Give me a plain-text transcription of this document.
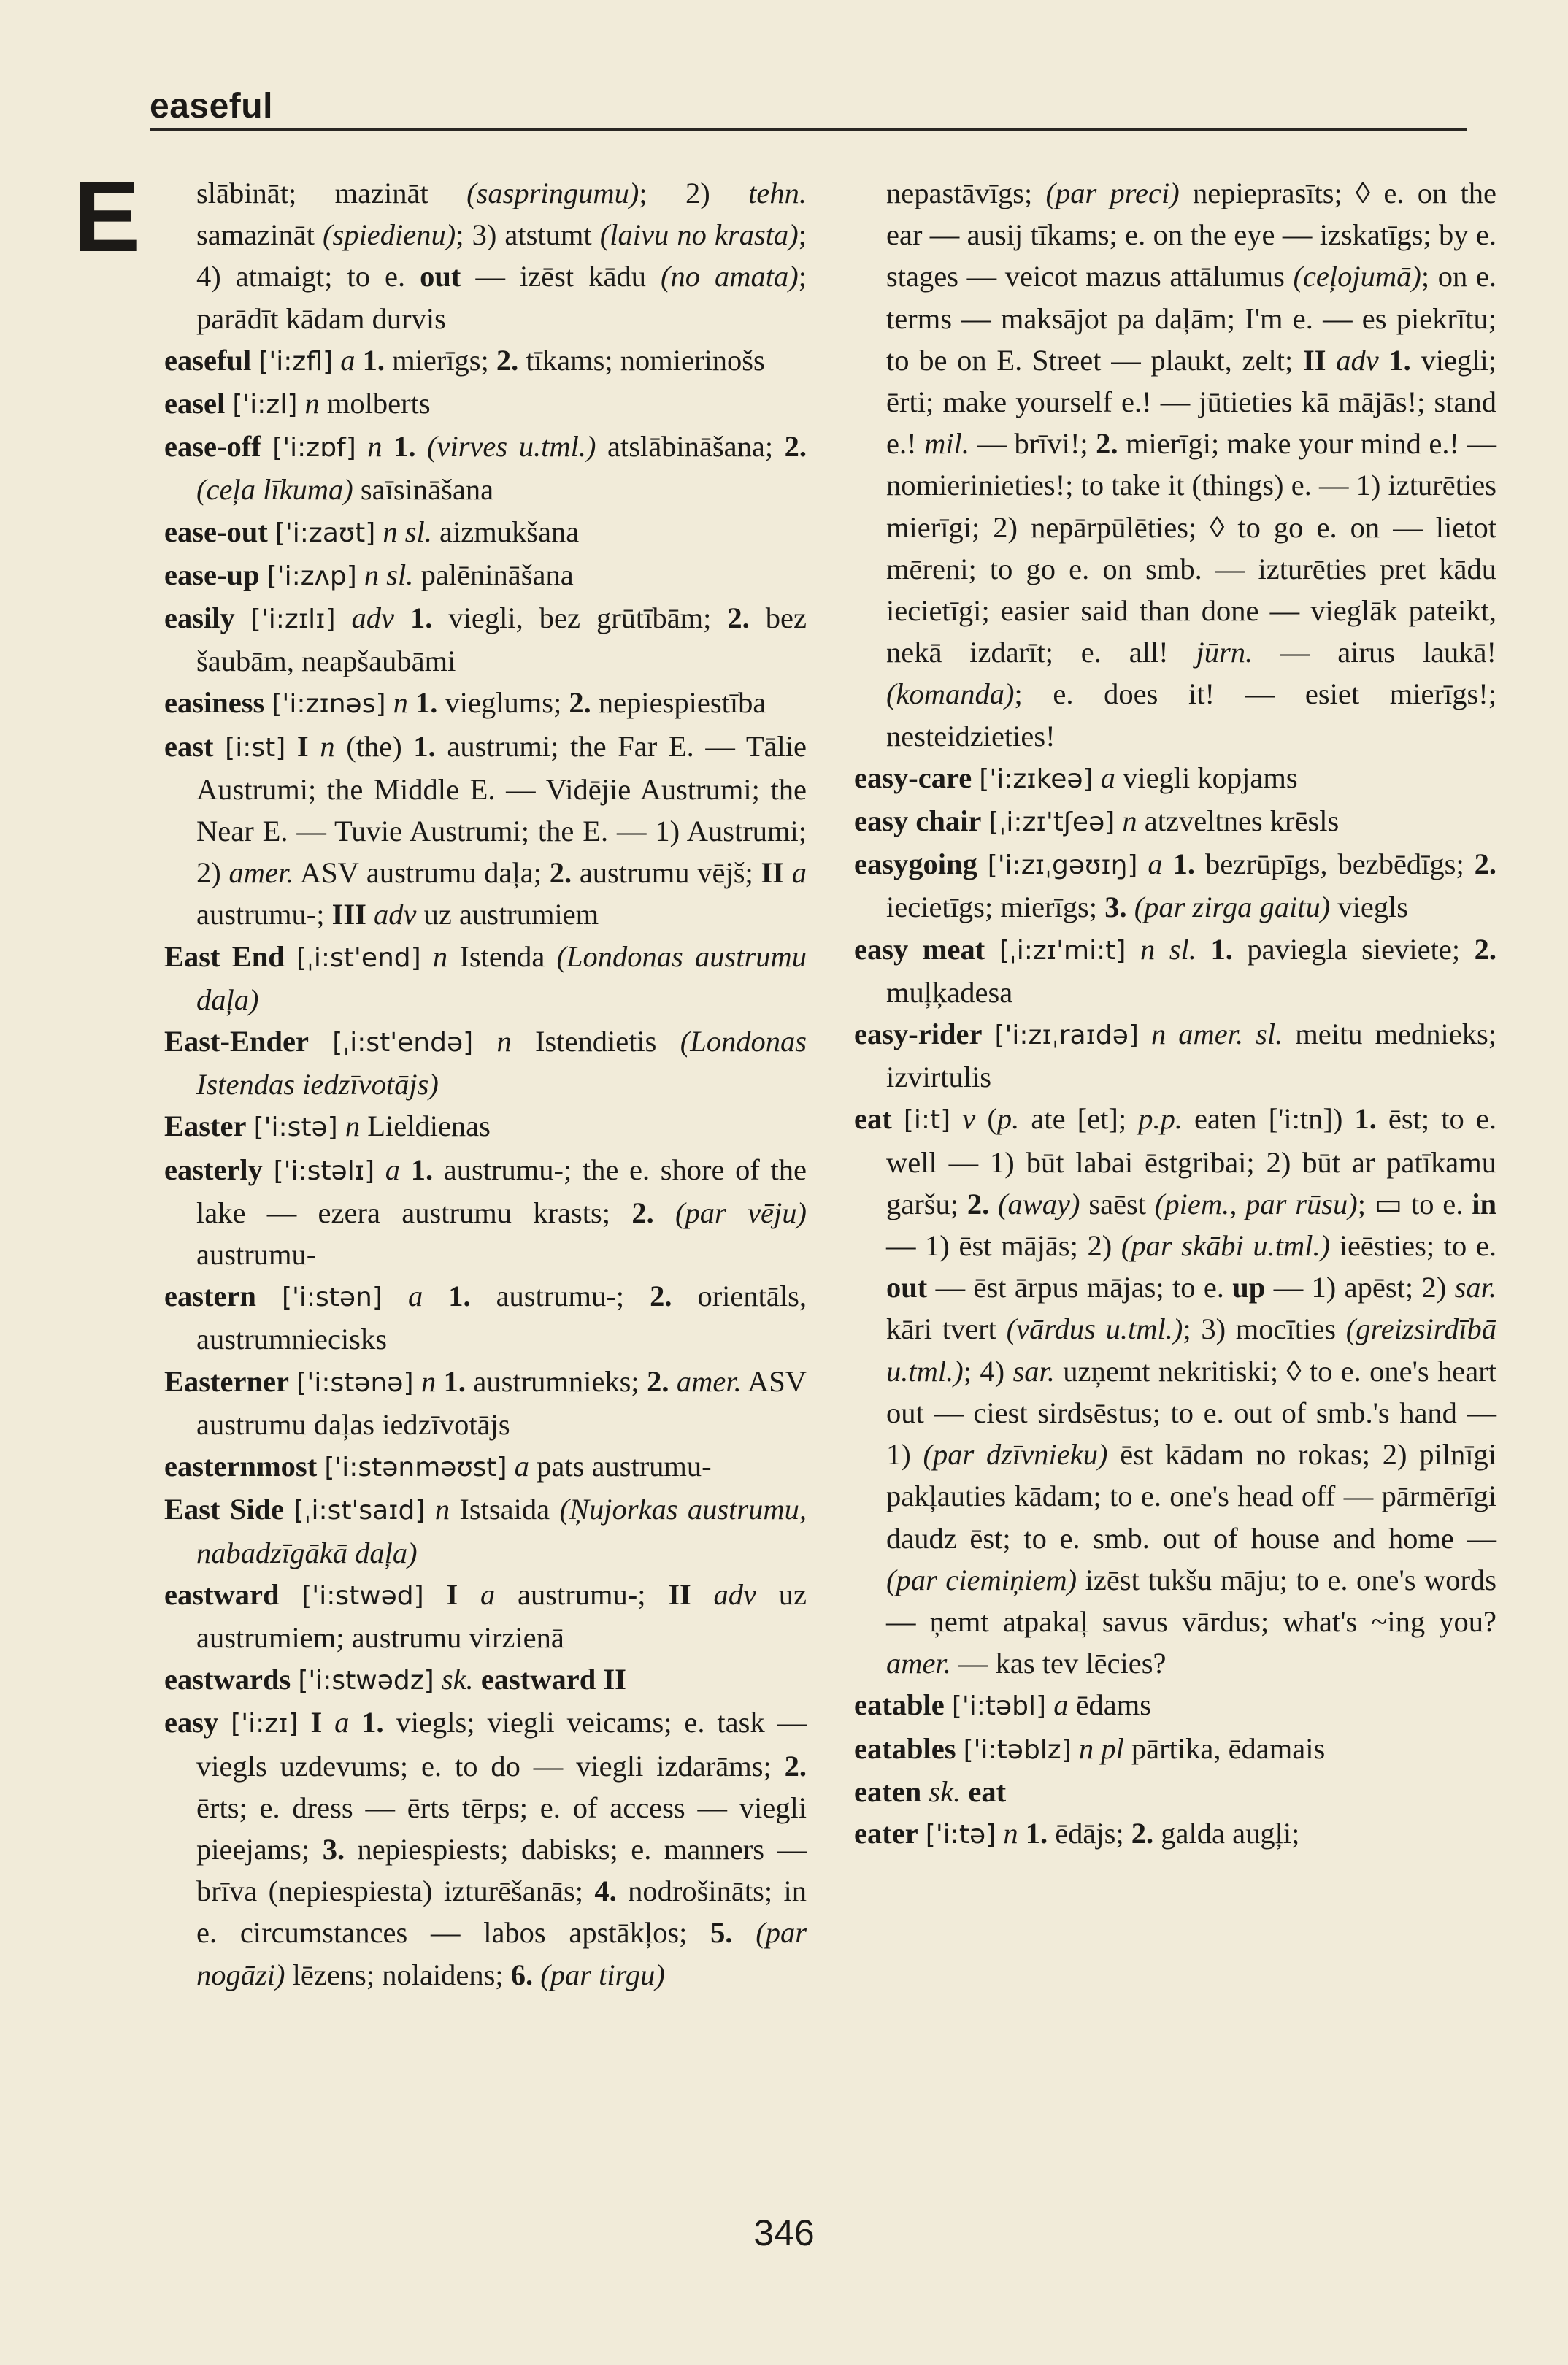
easeful
E	slābināt; mazināt (saspringumu); 2) tehn. samazināt (spiedienu); 3) atstumt (laivu no krasta); 4) atmaigt; to e. out — izēst kādu (no amata); parādīt kādam durvis

easeful ['i:zfl] a 1. mierīgs; 2. tīkams; nomierinošs

easel ['i:zl] n molberts

ease-off ['i:zɒf] n 1. (virves u.tml.) atslābināšana; 2. (ceļa līkuma) saīsināšana

ease-out ['i:zaʊt] n sl. aizmukšana

ease-up ['i:zʌp] n sl. palēnināšana

easily ['i:zɪlɪ] adv 1. viegli, bez grūtībām; 2. bez šaubām, neapšaubāmi

easiness ['i:zɪnəs] n 1. vieglums; 2. nepiespiestība

east [i:st] I n (the) 1. austrumi; the Far E. — Tālie Austrumi; the Middle E. — Vidējie Austrumi; the Near E. — Tuvie Austrumi; the E. — 1) Austrumi; 2) amer. ASV austrumu daļa; 2. austrumu vējš; II a austrumu-; III adv uz austrumiem

East End [ˌi:st'end] n Istenda (Londonas austrumu daļa)

East-Ender [ˌi:st'endə] n Istendietis (Londonas Istendas iedzīvotājs)

Easter ['i:stə] n Lieldienas

easterly ['i:stəlɪ] a 1. austrumu-; the e. shore of the lake — ezera austrumu krasts; 2. (par vēju) austrumu-

eastern ['i:stən] a 1. austrumu-; 2. orientāls, austrumniecisks

Easterner ['i:stənə] n 1. austrumnieks; 2. amer. ASV austrumu daļas iedzīvotājs

easternmost ['i:stənməʊst] a pats austrumu-

East Side [ˌi:st'saɪd] n Istsaida (Ņujorkas austrumu, nabadzīgākā daļa)

eastward ['i:stwəd] I a austrumu-; II adv uz austrumiem; austrumu virzienā

eastwards ['i:stwədz] sk. eastward II

easy ['i:zɪ] I a 1. viegls; viegli veicams; e. task — viegls uzdevums; e. to do — viegli izdarāms; 2. ērts; e. dress — ērts tērps; e. of access — viegli pieejams; 3. nepiespiests; dabisks; e. manners — brīva (nepiespiesta) izturēšanās; 4. nodrošināts; in e. circumstances — labos apstākļos; 5. (par nogāzi) lēzens; nolaidens; 6. (par tirgu)

nepastāvīgs; (par preci) nepieprasīts; ◊ e. on the ear — ausij tīkams; e. on the eye — izskatīgs; by e. stages — veicot mazus attālumus (ceļojumā); on e. terms — maksājot pa daļām; I'm e. — es piekrītu; to be on E. Street — plaukt, zelt; II adv 1. viegli; ērti; make yourself e.! — jūtieties kā mājās!; stand e.! mil. — brīvi!; 2. mierīgi; make your mind e.! — nomierinieties!; to take it (things) e. — 1) izturēties mierīgi; 2) nepārpūlēties; ◊ to go e. on — lietot mēreni; to go e. on smb. — izturēties pret kādu iecietīgi; easier said than done — vieglāk pateikt, nekā izdarīt; e. all! jūrn. — airus laukā! (komanda); e. does it! — esiet mierīgs!; nesteidzieties!

easy-care ['i:zɪkeə] a viegli kopjams

easy chair [ˌi:zɪ'tʃeə] n atzveltnes krēsls

easygoing ['i:zɪˌgəʊɪŋ] a 1. bezrūpīgs, bezbēdīgs; 2. iecietīgs; mierīgs; 3. (par zirga gaitu) viegls

easy meat [ˌi:zɪ'mi:t] n sl. 1. paviegla sieviete; 2. muļķadesa

easy-rider ['i:zɪˌraɪdə] n amer. sl. meitu mednieks; izvirtulis

eat [i:t] v (p. ate [et]; p.p. eaten ['i:tn]) 1. ēst; to e. well — 1) būt labai ēstgribai; 2) būt ar patīkamu garšu; 2. (away) saēst (piem., par rūsu); ▭ to e. in — 1) ēst mājās; 2) (par skābi u.tml.) ieēsties; to e. out — ēst ārpus mājas; to e. up — 1) apēst; 2) sar. kāri tvert (vārdus u.tml.); 3) mocīties (greizsirdībā u.tml.); 4) sar. uzņemt nekritiski; ◊ to e. one's heart out — ciest sirdsēstus; to e. out of smb.'s hand — 1) (par dzīvnieku) ēst kādam no rokas; 2) pilnīgi pakļauties kādam; to e. one's head off — pārmērīgi daudz ēst; to e. smb. out of house and home — (par ciemiņiem) izēst tukšu māju; to e. one's words — ņemt atpakaļ savus vārdus; what's ~ing you? amer. — kas tev lēcies?

eatable ['i:təbl] a ēdams

eatables ['i:təblz] n pl pārtika, ēdamais

eaten sk. eat

eater ['i:tə] n 1. ēdājs; 2. galda augļi;

346
